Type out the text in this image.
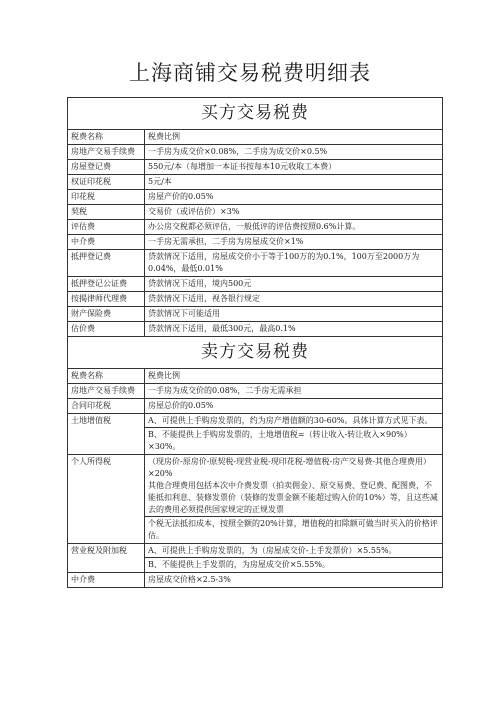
上海商铺交易税费明细表
买方交易税费
税费名称	税费比例
房地产交易手续费	一手房为成交价×0.08%，二手房为成交价×0.5%
房屋登记费	550元/本（每增加一本证书按每本10元收取工本费）
权证印花税	5元/本
印花税	房屋产价的0.05%
契税	交易价（或评估价）×3%
评估费	办公房交税都必须评估，一般低评的评估费按照0.6%计算。
中介费	一手房无需承担，二手房为房屋成交价×1%
抵押登记费	贷款情况下适用，房屋成交价小于等于100万的为0.1%，100万至2000万为0.04%，最低0.01%
抵押登记公证费	贷款情况下适用，境内500元
按揭律师代理费	贷款情况下适用，视各银行规定
财产保险费	贷款情况下可能适用
估价费	贷款情况下适用，最低300元，最高0.1%
卖方交易税费
税费名称	税费比例
房地产交易手续费	一手房为成交价的0.08%，二手房无需承担
合同印花税	房屋总价的0.05%
土地增值税	A、可提供上手购房发票的，约为房产增值额的30-60%。具体计算方式见下表。
B、不能提供上手购房发票的，土地增值税=（转让收入-转让收入×90%）×30%。
个人所得税	（现房价-原房价-原契税-现营业税-现印花税-增值税-房产交易费-其他合理费用）×20%
其他合理费用包括本次中介费发票（拍卖佣金）、原交易费、登记费、配图费，不能抵扣利息、装修发票价（装修的发票金额不能超过购入价的10%）等，且这些减去的费用必须提供国家规定的正规发票
个税无法抵扣成本，按照全额的20%计算，增值税的扣除额可做当时买入的价格评估。
营业税及附加税	A、可提供上手购房发票的，为（房屋成交价-上手发票价）×5.55%。
B、不能提供上手发票的，为房屋成交价×5.55%。
中介费	房屋成交价格×2.5-3%
